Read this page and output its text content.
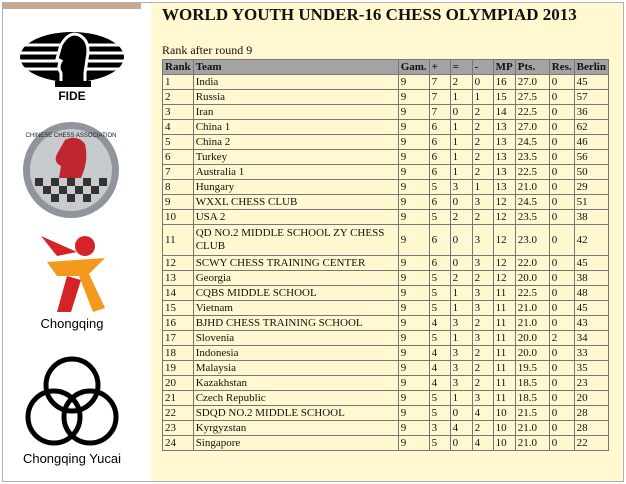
FIDE
CHINESE CHESS ASSOCIATION
Chongqing
Chongqing Yucai
WORLD YOUTH UNDER-16 CHESS OLYMPIAD 2013
Rank after round 9
Rank	Team	Gam.	+	=	-	MP	Pts.	Res.	Berlin
1	India	9	7	2	0	16	27.0	0	45
2	Russia	9	7	1	1	15	27.5	0	57
3	Iran	9	7	0	2	14	22.5	0	36
4	China 1	9	6	1	2	13	27.0	0	62
5	China 2	9	6	1	2	13	24.5	0	46
6	Turkey	9	6	1	2	13	23.5	0	56
7	Australia 1	9	6	1	2	13	22.5	0	50
8	Hungary	9	5	3	1	13	21.0	0	29
9	WXXL CHESS CLUB	9	6	0	3	12	24.5	0	51
10	USA 2	9	5	2	2	12	23.5	0	38
11	QD NO.2 MIDDLE SCHOOL ZY CHESS CLUB	9	6	0	3	12	23.0	0	42
12	SCWY CHESS TRAINING CENTER	9	6	0	3	12	22.0	0	45
13	Georgia	9	5	2	2	12	20.0	0	38
14	CQBS MIDDLE SCHOOL	9	5	1	3	11	22.5	0	48
15	Vietnam	9	5	1	3	11	21.0	0	45
16	BJHD CHESS TRAINING SCHOOL	9	4	3	2	11	21.0	0	43
17	Slovenia	9	5	1	3	11	20.0	2	34
18	Indonesia	9	4	3	2	11	20.0	0	33
19	Malaysia	9	4	3	2	11	19.5	0	35
20	Kazakhstan	9	4	3	2	11	18.5	0	23
21	Czech Republic	9	5	1	3	11	18.5	0	20
22	SDQD NO.2 MIDDLE SCHOOL	9	5	0	4	10	21.5	0	28
23	Kyrgyzstan	9	3	4	2	10	21.0	0	28
24	Singapore	9	5	0	4	10	21.0	0	22
